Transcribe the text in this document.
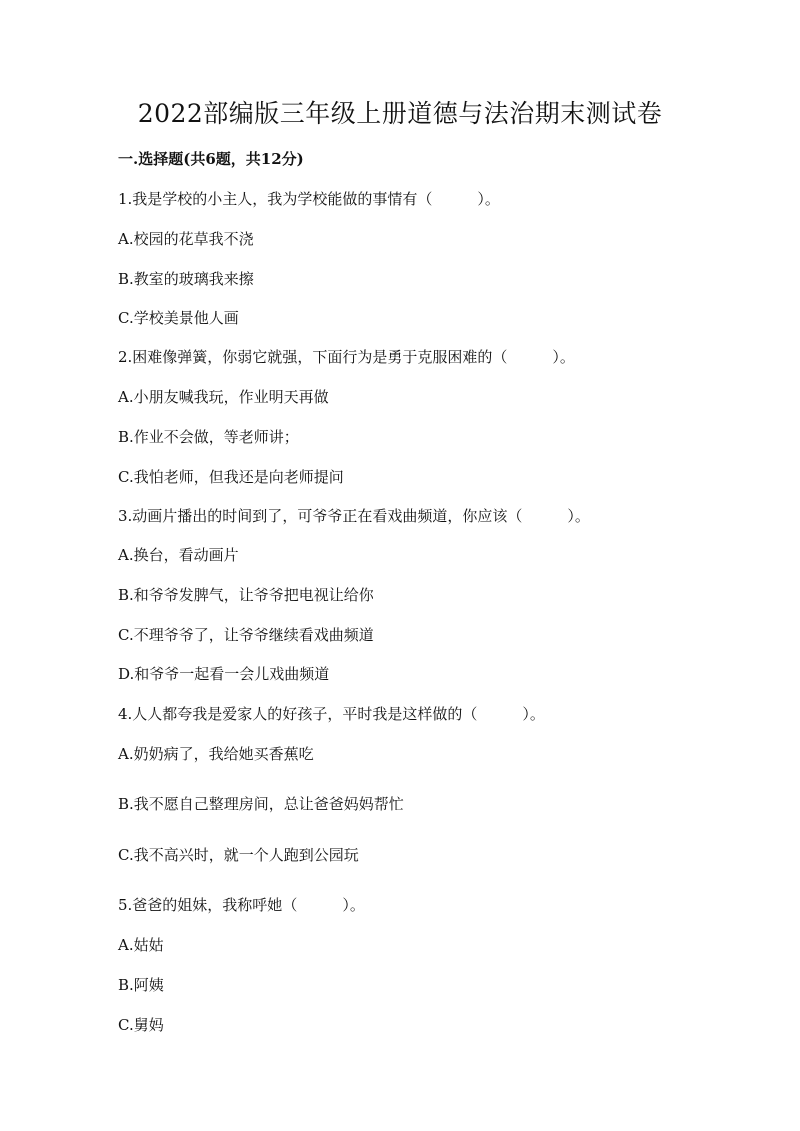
2022部编版三年级上册道德与法治期末测试卷
一.选择题(共6题，共12分)
1.我是学校的小主人，我为学校能做的事情有（　　　）。
A.校园的花草我不浇
B.教室的玻璃我来擦
C.学校美景他人画
2.困难像弹簧，你弱它就强，下面行为是勇于克服困难的（　　　）。
A.小朋友喊我玩，作业明天再做
B.作业不会做，等老师讲；
C.我怕老师，但我还是向老师提问
3.动画片播出的时间到了，可爷爷正在看戏曲频道，你应该（　　　）。
A.换台，看动画片
B.和爷爷发脾气，让爷爷把电视让给你
C.不理爷爷了，让爷爷继续看戏曲频道
D.和爷爷一起看一会儿戏曲频道
4.人人都夸我是爱家人的好孩子，平时我是这样做的（　　　）。
A.奶奶病了，我给她买香蕉吃
B.我不愿自己整理房间，总让爸爸妈妈帮忙
C.我不高兴时，就一个人跑到公园玩
5.爸爸的姐妹，我称呼她（　　　）。
A.姑姑
B.阿姨
C.舅妈
